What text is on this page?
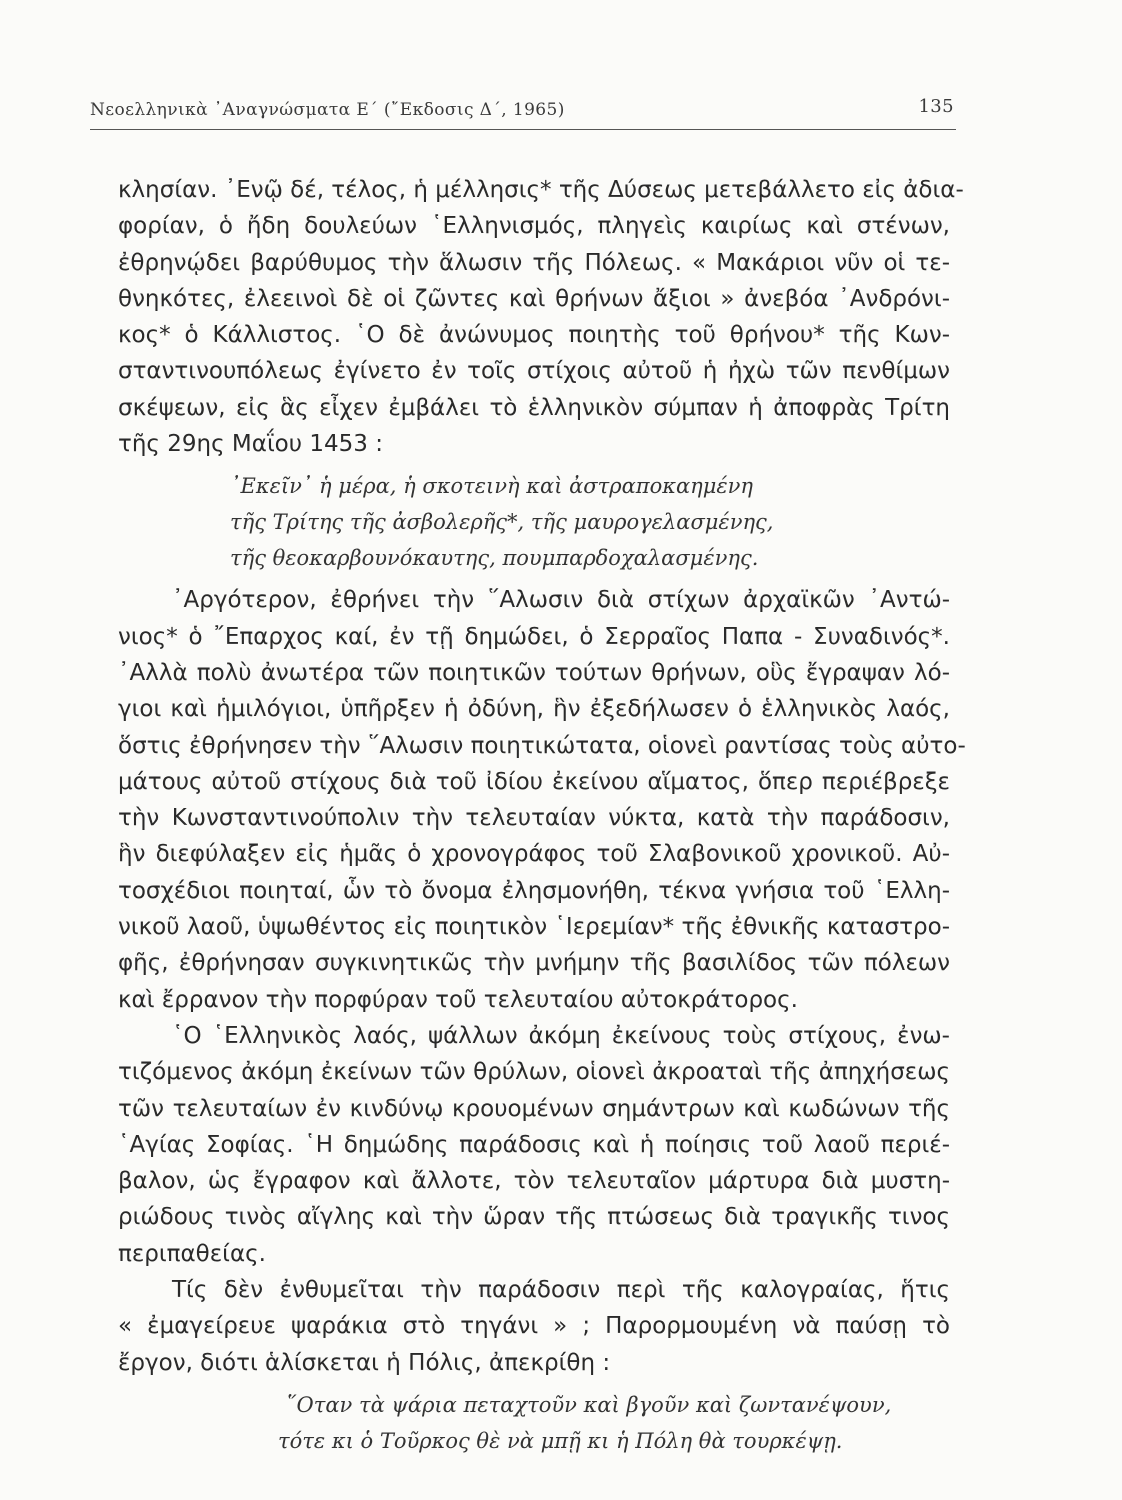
Νεοελληνικὰ ᾿Αναγνώσματα Ε΄ (῎Εκδοσις Δ΄, 1965)	135
κλησίαν. ᾿Ενῷ δέ, τέλος, ἡ μέλλησις* τῆς Δύσεως μετεβάλλετο εἰς ἀδια-
φορίαν, ὁ ἤδη δουλεύων ῾Ελληνισμός, πληγεὶς καιρίως καὶ στένων,
ἐθρηνῴδει βαρύθυμος τὴν ἅλωσιν τῆς Πόλεως. « Μακάριοι νῦν οἱ τε-
θνηκότες, ἐλεεινοὶ δὲ οἱ ζῶντες καὶ θρήνων ἄξιοι » ἀνεβόα ᾿Ανδρόνι-
κος* ὁ Κάλλιστος. ῾Ο δὲ ἀνώνυμος ποιητὴς τοῦ θρήνου* τῆς Κων-
σταντινουπόλεως ἐγίνετο ἐν τοῖς στίχοις αὐτοῦ ἡ ἠχὼ τῶν πενθίμων
σκέψεων, εἰς ἃς εἶχεν ἐμβάλει τὸ ἑλληνικὸν σύμπαν ἡ ἀποφρὰς Τρίτη
τῆς 29ης Μαΐου 1453 :
᾿Εκεῖν᾿ ἡ μέρα, ἡ σκοτεινὴ καὶ ἀστραποκαημένη
τῆς Τρίτης τῆς ἀσβολερῆς*, τῆς μαυρογελασμένης,
τῆς θεοκαρβουνόκαυτης, πουμπαρδοχαλασμένης.
᾿Αργότερον, ἐθρήνει τὴν ῞Αλωσιν διὰ στίχων ἀρχαϊκῶν ᾿Αντώ-
νιος* ὁ ῎Επαρχος καί, ἐν τῇ δημώδει, ὁ Σερραῖος Παπα - Συναδινός*.
᾿Αλλὰ πολὺ ἀνωτέρα τῶν ποιητικῶν τούτων θρήνων, οὓς ἔγραψαν λό-
γιοι καὶ ἡμιλόγιοι, ὑπῆρξεν ἡ ὀδύνη, ἣν ἐξεδήλωσεν ὁ ἑλληνικὸς λαός,
ὅστις ἐθρήνησεν τὴν ῞Αλωσιν ποιητικώτατα, οἱονεὶ ραντίσας τοὺς αὐτο-
μάτους αὐτοῦ στίχους διὰ τοῦ ἰδίου ἐκείνου αἵματος, ὅπερ περιέβρεξε
τὴν Κωνσταντινούπολιν τὴν τελευταίαν νύκτα, κατὰ τὴν παράδοσιν,
ἣν διεφύλαξεν εἰς ἡμᾶς ὁ χρονογράφος τοῦ Σλαβονικοῦ χρονικοῦ. Αὐ-
τοσχέδιοι ποιηταί, ὧν τὸ ὄνομα ἐλησμονήθη, τέκνα γνήσια τοῦ ῾Ελλη-
νικοῦ λαοῦ, ὑψωθέντος εἰς ποιητικὸν ῾Ιερεμίαν* τῆς ἐθνικῆς καταστρο-
φῆς, ἐθρήνησαν συγκινητικῶς τὴν μνήμην τῆς βασιλίδος τῶν πόλεων
καὶ ἔρρανον τὴν πορφύραν τοῦ τελευταίου αὐτοκράτορος.
῾Ο ῾Ελληνικὸς λαός, ψάλλων ἀκόμη ἐκείνους τοὺς στίχους, ἐνω-
τιζόμενος ἀκόμη ἐκείνων τῶν θρύλων, οἱονεὶ ἀκροαταὶ τῆς ἀπηχήσεως
τῶν τελευταίων ἐν κινδύνῳ κρουομένων σημάντρων καὶ κωδώνων τῆς
῾Αγίας Σοφίας. ῾Η δημώδης παράδοσις καὶ ἡ ποίησις τοῦ λαοῦ περιέ-
βαλον, ὡς ἔγραφον καὶ ἄλλοτε, τὸν τελευταῖον μάρτυρα διὰ μυστη-
ριώδους τινὸς αἴγλης καὶ τὴν ὥραν τῆς πτώσεως διὰ τραγικῆς τινος
περιπαθείας.
Τίς δὲν ἐνθυμεῖται τὴν παράδοσιν περὶ τῆς καλογραίας, ἥτις
« ἐμαγείρευε ψαράκια στὸ τηγάνι » ; Παρορμουμένη νὰ παύσῃ τὸ
ἔργον, διότι ἁλίσκεται ἡ Πόλις, ἀπεκρίθη :
῞Οταν τὰ ψάρια πεταχτοῦν καὶ βγοῦν καὶ ζωντανέψουν,
τότε κι ὁ Τοῦρκος θὲ νὰ μπῇ κι ἡ Πόλη θὰ τουρκέψῃ.
